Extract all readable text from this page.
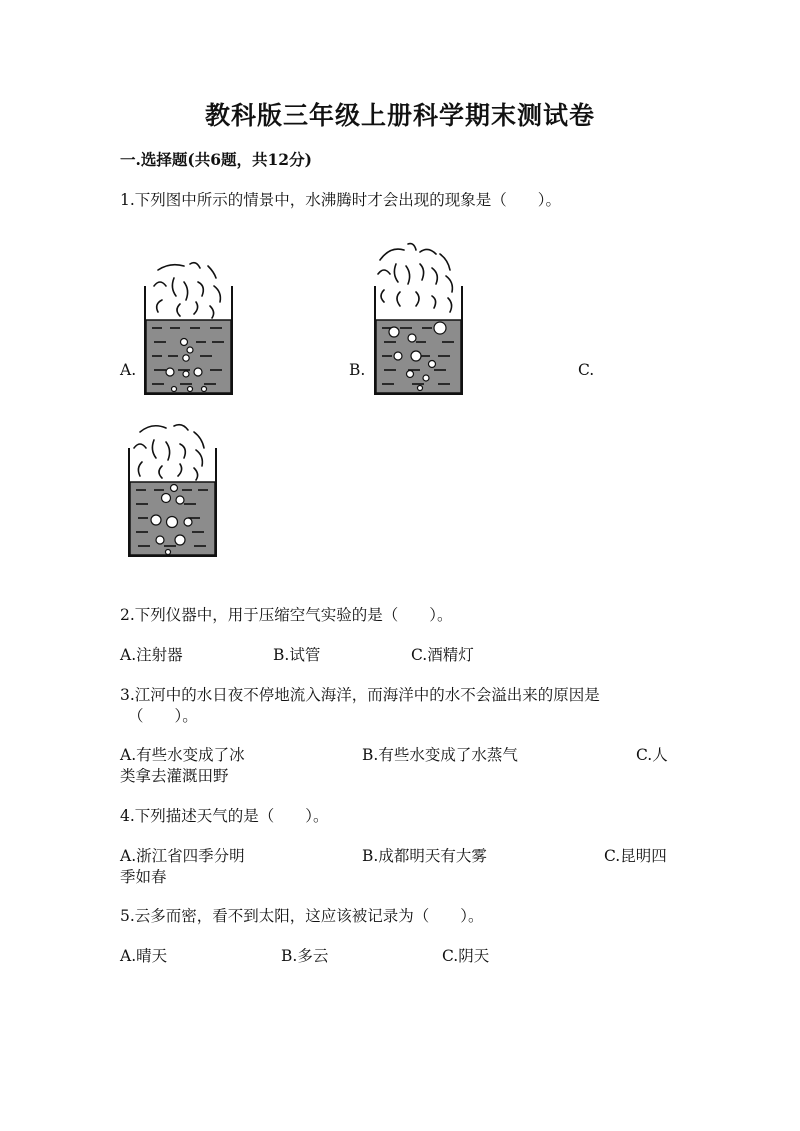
教科版三年级上册科学期末测试卷
一.选择题(共6题，共12分)
1.下列图中所示的情景中，水沸腾时才会出现的现象是（　　）。
A.	B.	C.
2.下列仪器中，用于压缩空气实验的是（　　）。
A.注射器	B.试管	C.酒精灯
3.江河中的水日夜不停地流入海洋，而海洋中的水不会溢出来的原因是
（　　）。
A.有些水变成了冰	B.有些水变成了水蒸气	C.人
类拿去灌溉田野
4.下列描述天气的是（　　）。
A.浙江省四季分明	B.成都明天有大雾	C.昆明四
季如春
5.云多而密，看不到太阳，这应该被记录为（　　）。
A.晴天	B.多云	C.阴天
